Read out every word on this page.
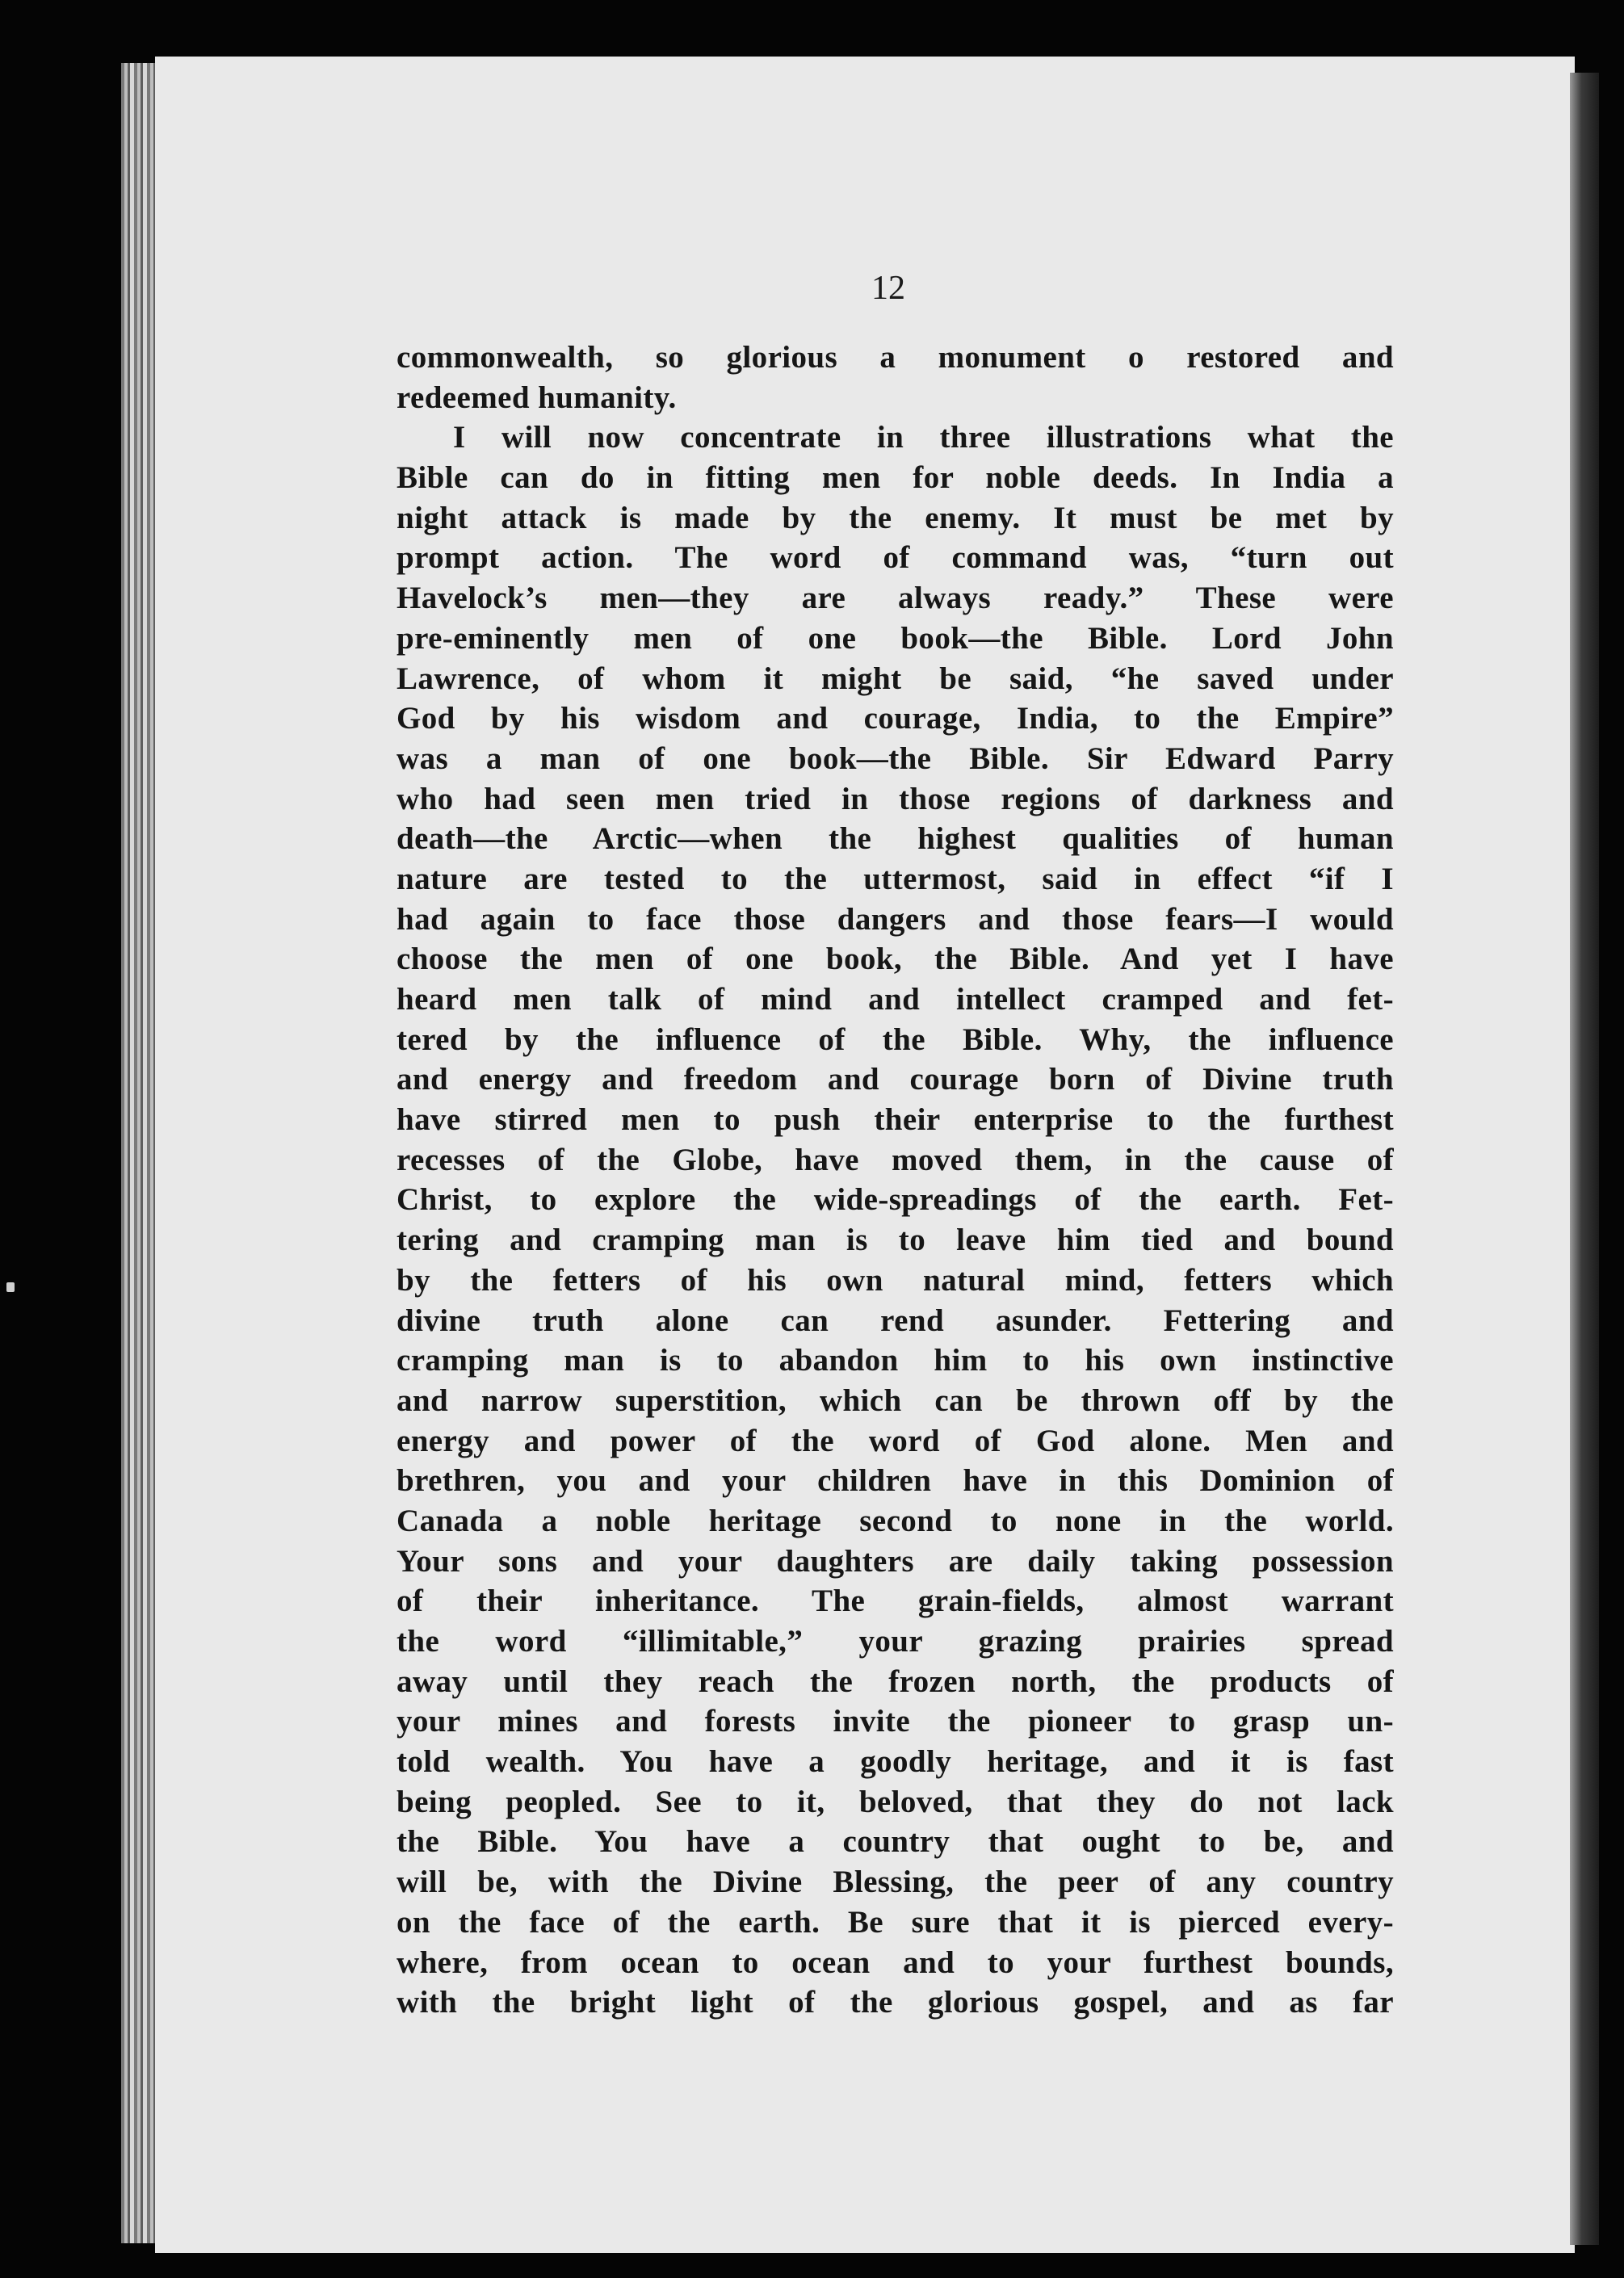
12
commonwealth, so glorious a monument o restored and
redeemed humanity.
I will now concentrate in three illustrations what the
Bible can do in fitting men for noble deeds. In India a
night attack is made by the enemy. It must be met by
prompt action. The word of command was, “turn out
Havelock’s men—they are always ready.” These were
pre-eminently men of one book—the Bible. Lord John
Lawrence, of whom it might be said, “he saved under
God by his wisdom and courage, India, to the Empire”
was a man of one book—the Bible. Sir Edward Parry
who had seen men tried in those regions of darkness and
death—the Arctic—when the highest qualities of human
nature are tested to the uttermost, said in effect “if I
had again to face those dangers and those fears—I would
choose the men of one book, the Bible. And yet I have
heard men talk of mind and intellect cramped and fet-
tered by the influence of the Bible. Why, the influence
and energy and freedom and courage born of Divine truth
have stirred men to push their enterprise to the furthest
recesses of the Globe, have moved them, in the cause of
Christ, to explore the wide-spreadings of the earth. Fet-
tering and cramping man is to leave him tied and bound
by the fetters of his own natural mind, fetters which
divine truth alone can rend asunder. Fettering and
cramping man is to abandon him to his own instinctive
and narrow superstition, which can be thrown off by the
energy and power of the word of God alone. Men and
brethren, you and your children have in this Dominion of
Canada a noble heritage second to none in the world.
Your sons and your daughters are daily taking possession
of their inheritance. The grain-fields, almost warrant
the word “illimitable,” your grazing prairies spread
away until they reach the frozen north, the products of
your mines and forests invite the pioneer to grasp un-
told wealth. You have a goodly heritage, and it is fast
being peopled. See to it, beloved, that they do not lack
the Bible. You have a country that ought to be, and
will be, with the Divine Blessing, the peer of any country
on the face of the earth. Be sure that it is pierced every-
where, from ocean to ocean and to your furthest bounds,
with the bright light of the glorious gospel, and as far
